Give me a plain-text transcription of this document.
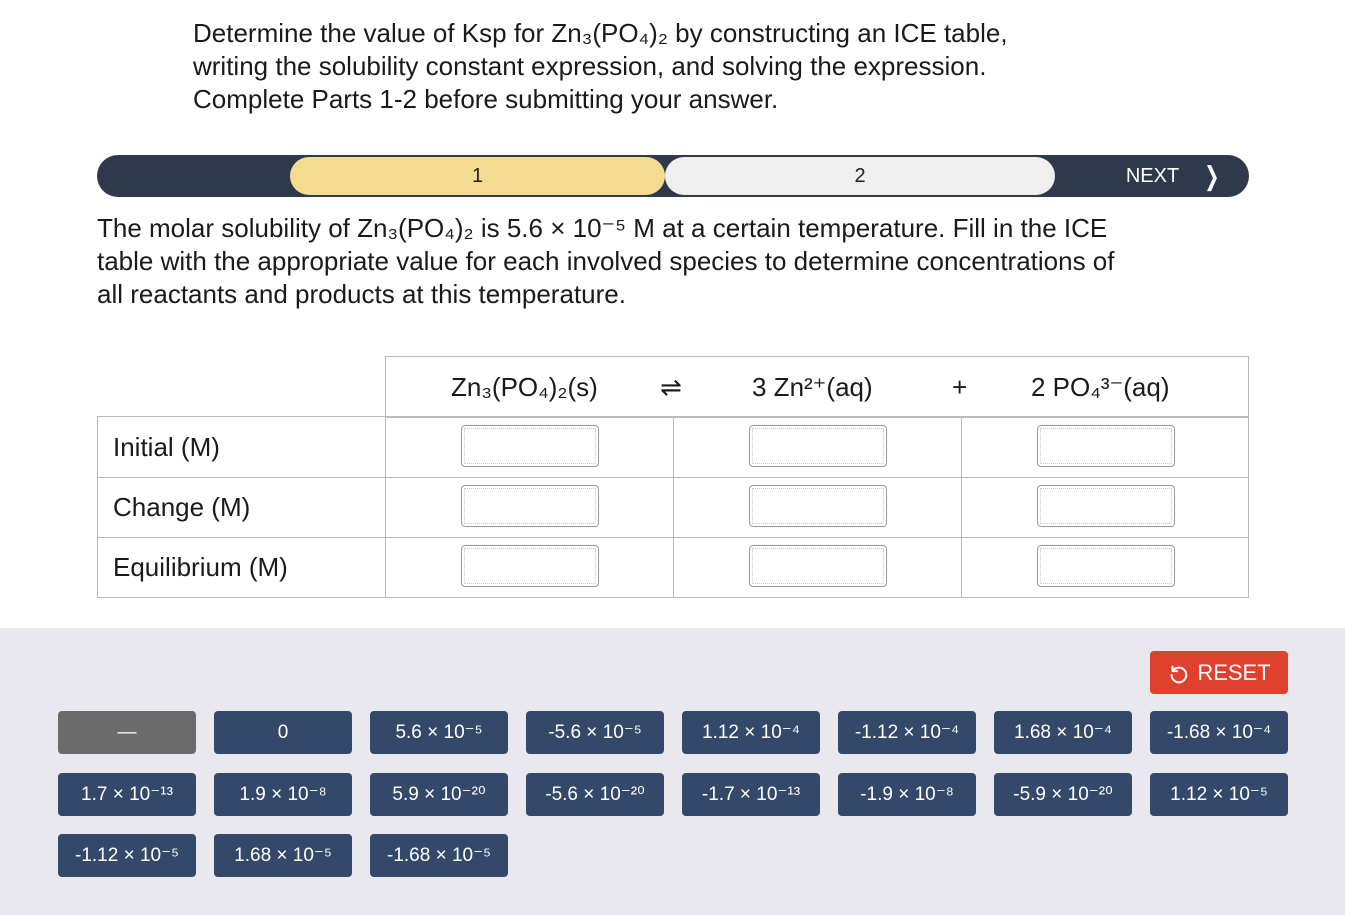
Determine the value of Ksp for Zn₃(PO₄)₂ by constructing an ICE table,
writing the solubility constant expression, and solving the expression.
Complete Parts 1-2 before submitting your answer.
1	2	NEXT ❯
The molar solubility of Zn₃(PO₄)₂ is 5.6 × 10⁻⁵ M at a certain temperature. Fill in the ICE
table with the appropriate value for each involved species to determine concentrations of
all reactants and products at this temperature.
Zn₃(PO₄)₂(s) ⇌	3 Zn²⁺(aq)	+ 2 PO₄³⁻(aq)
Initial (M)
Change (M)
Equilibrium (M)
RESET
—	0	5.6 × 10⁻⁵	-5.6 × 10⁻⁵	1.12 × 10⁻⁴	-1.12 × 10⁻⁴	1.68 × 10⁻⁴	-1.68 × 10⁻⁴
1.7 × 10⁻¹³	1.9 × 10⁻⁸	5.9 × 10⁻²⁰	-5.6 × 10⁻²⁰	-1.7 × 10⁻¹³	-1.9 × 10⁻⁸	-5.9 × 10⁻²⁰	1.12 × 10⁻⁵
-1.12 × 10⁻⁵	1.68 × 10⁻⁵	-1.68 × 10⁻⁵
